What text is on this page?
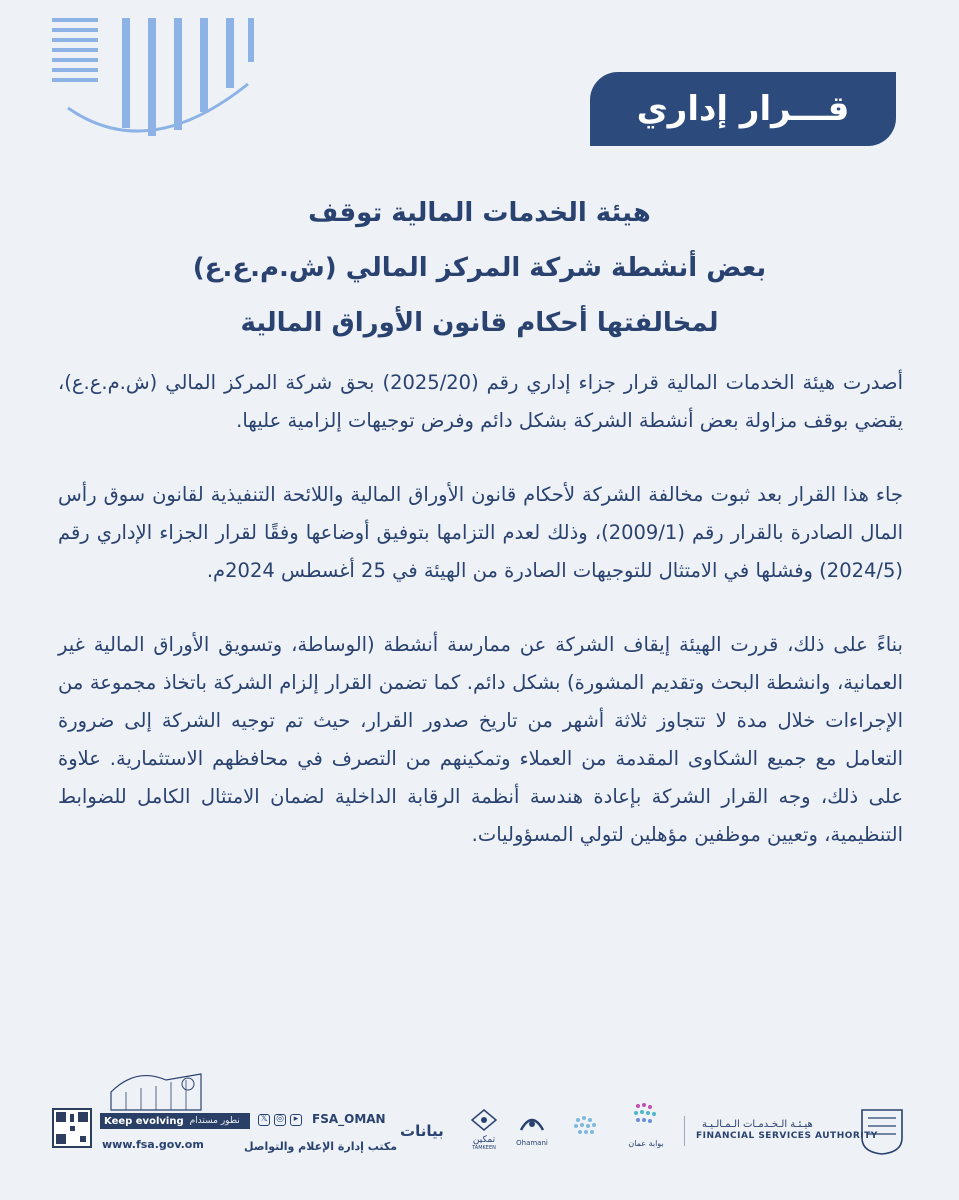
قـــرار إداري
هيئة الخدمات المالية توقف
بعض أنشطة شركة المركز المالي (ش.م.ع.ع)
لمخالفتها أحكام قانون الأوراق المالية

أصدرت هيئة الخدمات المالية قرار جزاء إداري رقم (2025/20) بحق شركة المركز المالي (ش.م.ع.ع)، يقضي بوقف مزاولة بعض أنشطة الشركة بشكل دائم وفرض توجيهات إلزامية عليها.

جاء هذا القرار بعد ثبوت مخالفة الشركة لأحكام قانون الأوراق المالية واللائحة التنفيذية لقانون سوق رأس المال الصادرة بالقرار رقم (2009/1)، وذلك لعدم التزامها بتوفيق أوضاعها وفقًا لقرار الجزاء الإداري رقم (2024/5) وفشلها في الامتثال للتوجيهات الصادرة من الهيئة في 25 أغسطس 2024م.

بناءً على ذلك، قررت الهيئة إيقاف الشركة عن ممارسة أنشطة (الوساطة، وتسويق الأوراق المالية غير العمانية، وانشطة البحث وتقديم المشورة) بشكل دائم. كما تضمن القرار إلزام الشركة باتخاذ مجموعة من الإجراءات خلال مدة لا تتجاوز ثلاثة أشهر من تاريخ صدور القرار، حيث تم توجيه الشركة إلى ضرورة التعامل مع جميع الشكاوى المقدمة من العملاء وتمكينهم من التصرف في محافظهم الاستثمارية. علاوة على ذلك، وجه القرار الشركة بإعادة هندسة أنظمة الرقابة الداخلية لضمان الامتثال الكامل للضوابط التنظيمية، وتعيين موظفين مؤهلين لتولي المسؤوليات.

Keep evolving نطور مستدام
www.fsa.gov.om
𝕏 ◎	▸	FSA_OMAN
مكتب إدارة الإعلام والتواصل
بيانات	تمكين
TAMKEEN
Ohamani	بوابة عمان
هيـئـة الـخـدمـات الـمـالـيـة
FINANCIAL SERVICES AUTHORITY
